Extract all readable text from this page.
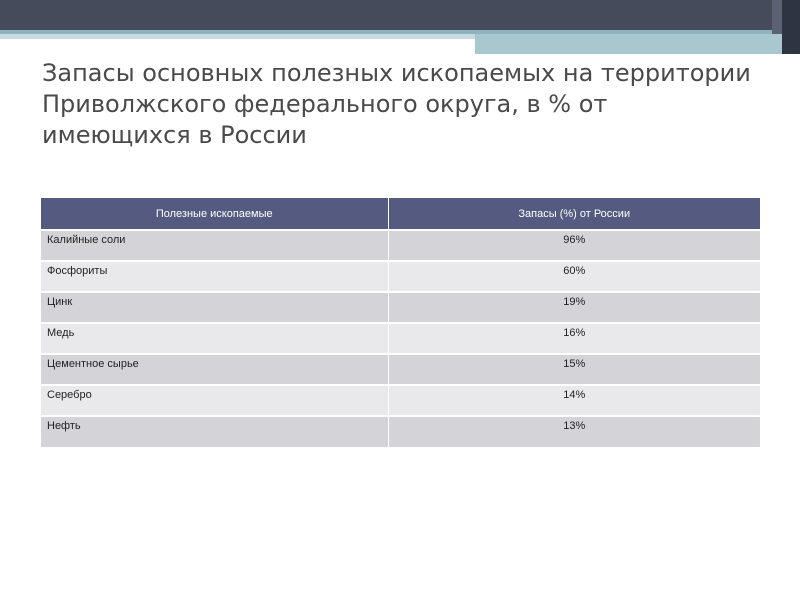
Запасы основных полезных ископаемых на территории Приволжского федерального округа, в % от имеющихся в России
Полезные ископаемые	Запасы (%) от России
Калийные соли	96%
Фосфориты	60%
Цинк	19%
Медь	16%
Цементное сырье	15%
Серебро	14%
Нефть	13%
